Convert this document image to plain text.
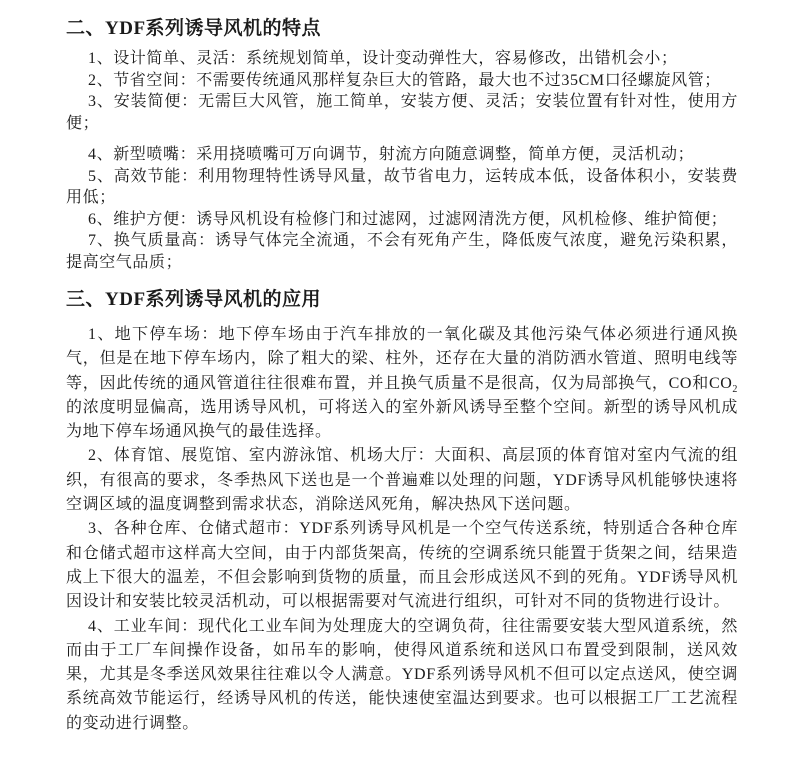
二、YDF系列诱导风机的特点

1、设计简单、灵活：系统规划简单，设计变动弹性大，容易修改，出错机会小；

2、节省空间：不需要传统通风那样复杂巨大的管路，最大也不过35CM口径螺旋风管；

3、安装简便：无需巨大风管，施工简单，安装方便、灵活；安装位置有针对性，使用方便；

4、新型喷嘴：采用挠喷嘴可万向调节，射流方向随意调整，简单方便，灵活机动；

5、高效节能：利用物理特性诱导风量，故节省电力，运转成本低，设备体积小，安装费用低；

6、维护方便：诱导风机设有检修门和过滤网，过滤网清洗方便，风机检修、维护简便；

7、换气质量高：诱导气体完全流通，不会有死角产生，降低废气浓度，避免污染积累，提高空气品质；

三、YDF系列诱导风机的应用

1、地下停车场：地下停车场由于汽车排放的一氧化碳及其他污染气体必须进行通风换气，但是在地下停车场内，除了粗大的梁、柱外，还存在大量的消防洒水管道、照明电线等等，因此传统的通风管道往往很难布置，并且换气质量不是很高，仅为局部换气，CO和$CO_2$的浓度明显偏高，选用诱导风机，可将送入的室外新风诱导至整个空间。新型的诱导风机成为地下停车场通风换气的最佳选择。

2、体育馆、展览馆、室内游泳馆、机场大厅：大面积、高层顶的体育馆对室内气流的组织，有很高的要求，冬季热风下送也是一个普遍难以处理的问题，YDF诱导风机能够快速将空调区域的温度调整到需求状态，消除送风死角，解决热风下送问题。

3、各种仓库、仓储式超市：YDF系列诱导风机是一个空气传送系统，特别适合各种仓库和仓储式超市这样高大空间，由于内部货架高，传统的空调系统只能置于货架之间，结果造成上下很大的温差，不但会影响到货物的质量，而且会形成送风不到的死角。YDF诱导风机因设计和安装比较灵活机动，可以根据需要对气流进行组织，可针对不同的货物进行设计。

4、工业车间：现代化工业车间为处理庞大的空调负荷，往往需要安装大型风道系统，然而由于工厂车间操作设备，如吊车的影响，使得风道系统和送风口布置受到限制，送风效果，尤其是冬季送风效果往往难以令人满意。YDF系列诱导风机不但可以定点送风，使空调系统高效节能运行，经诱导风机的传送，能快速使室温达到要求。也可以根据工厂工艺流程的变动进行调整。
